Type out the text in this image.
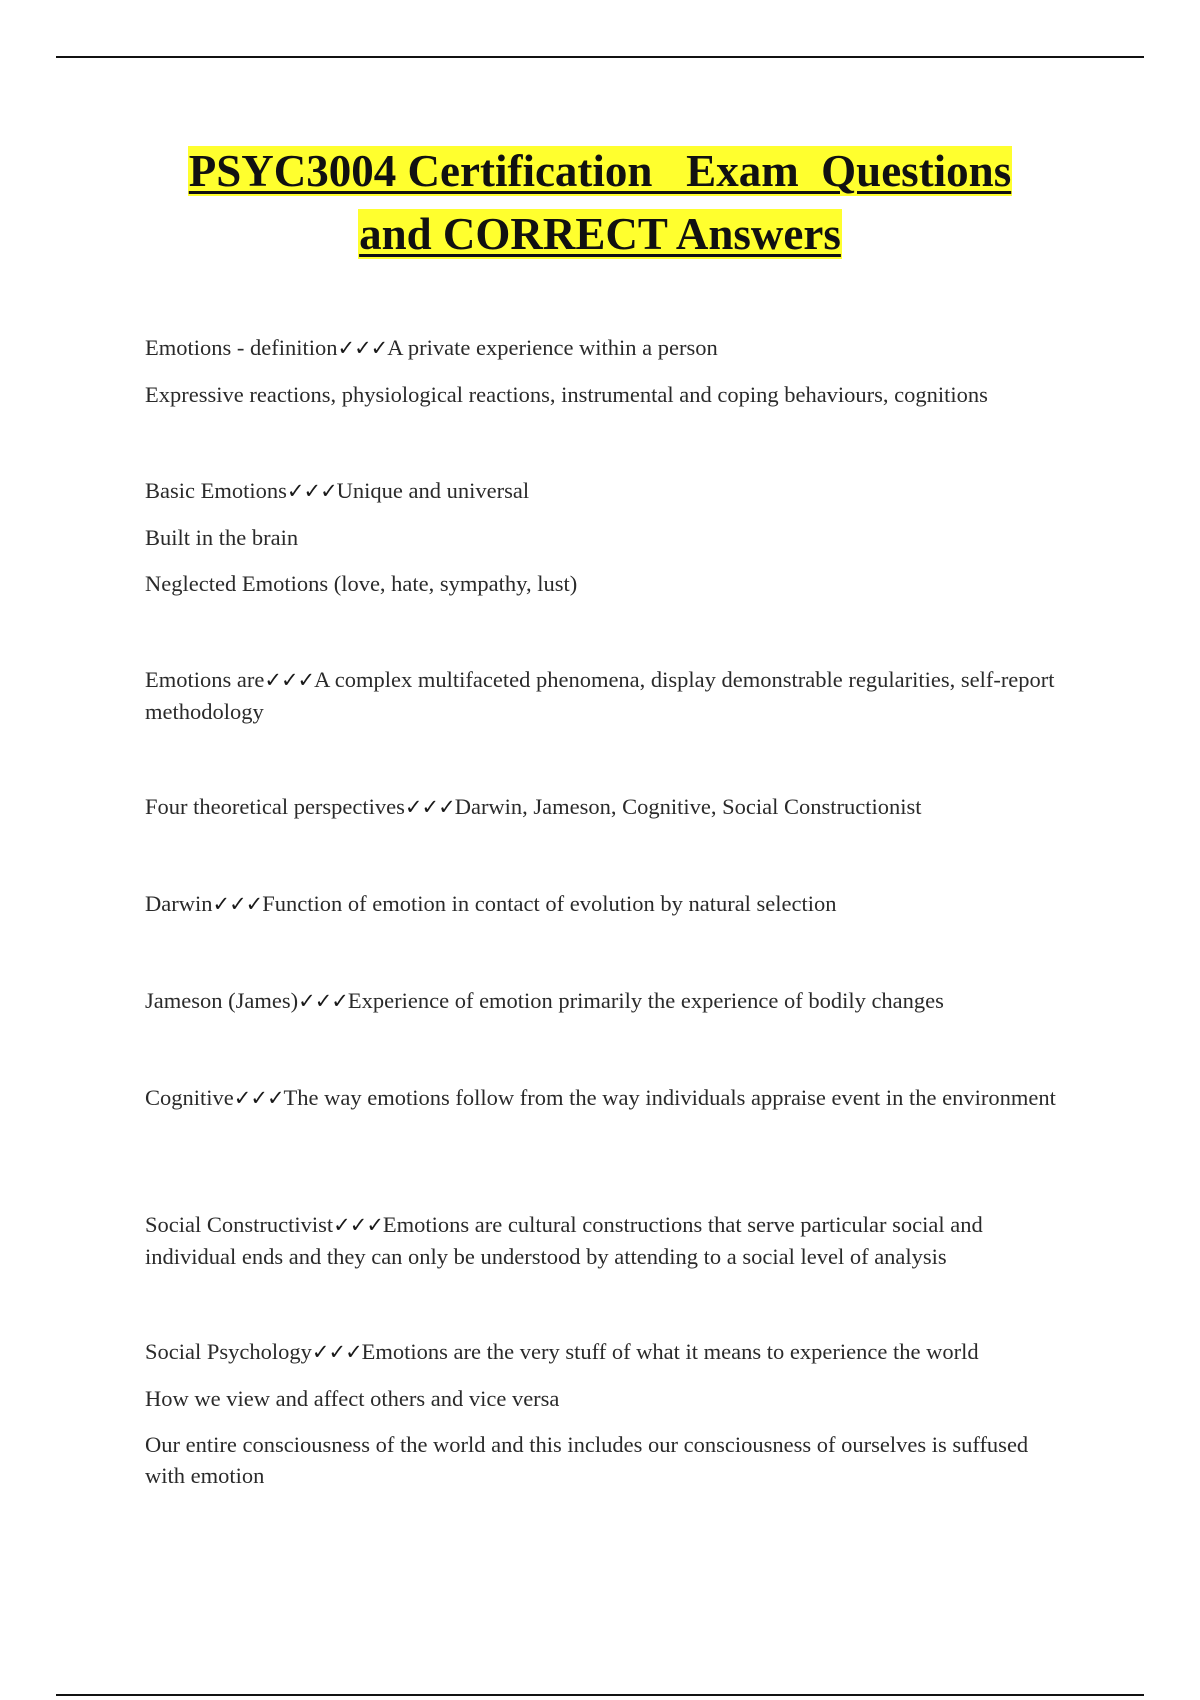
PSYC3004 Certification   Exam  Questions
and CORRECT Answers

Emotions - definition✓✓✓A private experience within a person

Expressive reactions, physiological reactions, instrumental and coping behaviours, cognitions

Basic Emotions✓✓✓Unique and universal

Built in the brain

Neglected Emotions (love, hate, sympathy, lust)

Emotions are✓✓✓A complex multifaceted phenomena, display demonstrable regularities, self-report methodology

Four theoretical perspectives✓✓✓Darwin, Jameson, Cognitive, Social Constructionist

Darwin✓✓✓Function of emotion in contact of evolution by natural selection

Jameson (James)✓✓✓Experience of emotion primarily the experience of bodily changes

Cognitive✓✓✓The way emotions follow from the way individuals appraise event in the environment

Social Constructivist✓✓✓Emotions are cultural constructions that serve particular social and individual ends and they can only be understood by attending to a social level of analysis

Social Psychology✓✓✓Emotions are the very stuff of what it means to experience the world

How we view and affect others and vice versa

Our entire consciousness of the world and this includes our consciousness of ourselves is suffused with emotion
